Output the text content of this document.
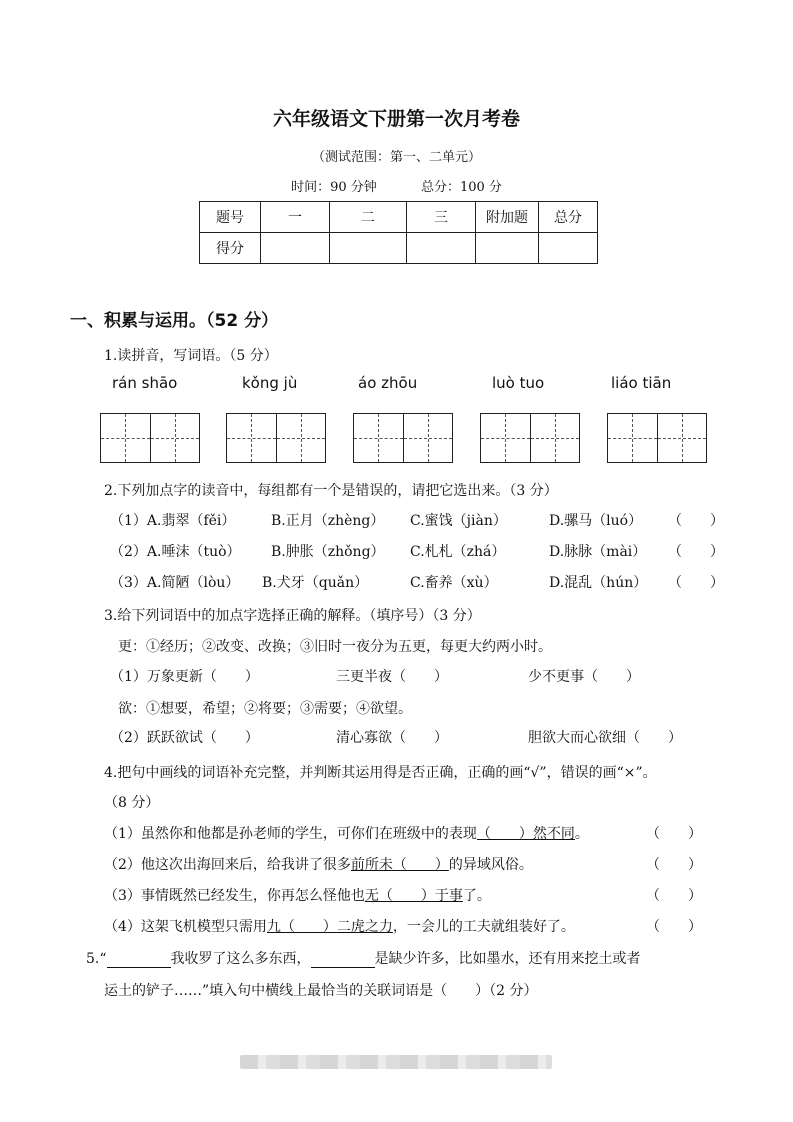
六年级语文下册第一次月考卷
（测试范围：第一、二单元）
时间：90 分钟	总分：100 分
题号	一	二	三	附加题	总分
得分					
一、积累与运用。（52 分）
1.读拼音，写词语。（5 分）
rán shāo	kǒng jù	áo zhōu	luò tuo	liáo tiān
2.下列加点字的读音中，每组都有一个是错误的，请把它选出来。（3 分）
（1）A.翡翠（fěi）	B.正月（zhèng） C.蜜饯（jiàn）	D.骡马（luó） （　　）
（2）A.唾沫（tuò） B.肿胀（zhǒng） C.札札（zhá）	D.脉脉（mài） （　　）
（3）A.简陋（lòu） B.犬牙（quǎn）	C.畜养（xù）	D.混乱（hún） （　　）
3.给下列词语中的加点字选择正确的解释。（填序号）（3 分）
更：①经历；②改变、改换；③旧时一夜分为五更，每更大约两小时。
（1）万象更新（　　）	三更半夜（　　）	少不更事（　　）
欲：①想要，希望；②将要；③需要；④欲望。
（2）跃跃欲试（　　）	清心寡欲（　　）	胆欲大而心欲细（　　）
4.把句中画线的词语补充完整，并判断其运用得是否正确，正确的画“√”，错误的画“×”。
（8 分）
（1）虽然你和他都是孙老师的学生，可你们在班级中的表现（　　）然不同。	（　　）
（2）他这次出海回来后，给我讲了很多前所未（　　）的异域风俗。	（　　）
（3）事情既然已经发生，你再怎么怪他也无（　　）于事了。	（　　）
（4）这架飞机模型只需用九（　　）二虎之力，一会儿的工夫就组装好了。	（　　）
5.“	我收罗了这么多东西，	是缺少许多，比如墨水，还有用来挖土或者
运土的铲子……”填入句中横线上最恰当的关联词语是（　　）（2 分）
